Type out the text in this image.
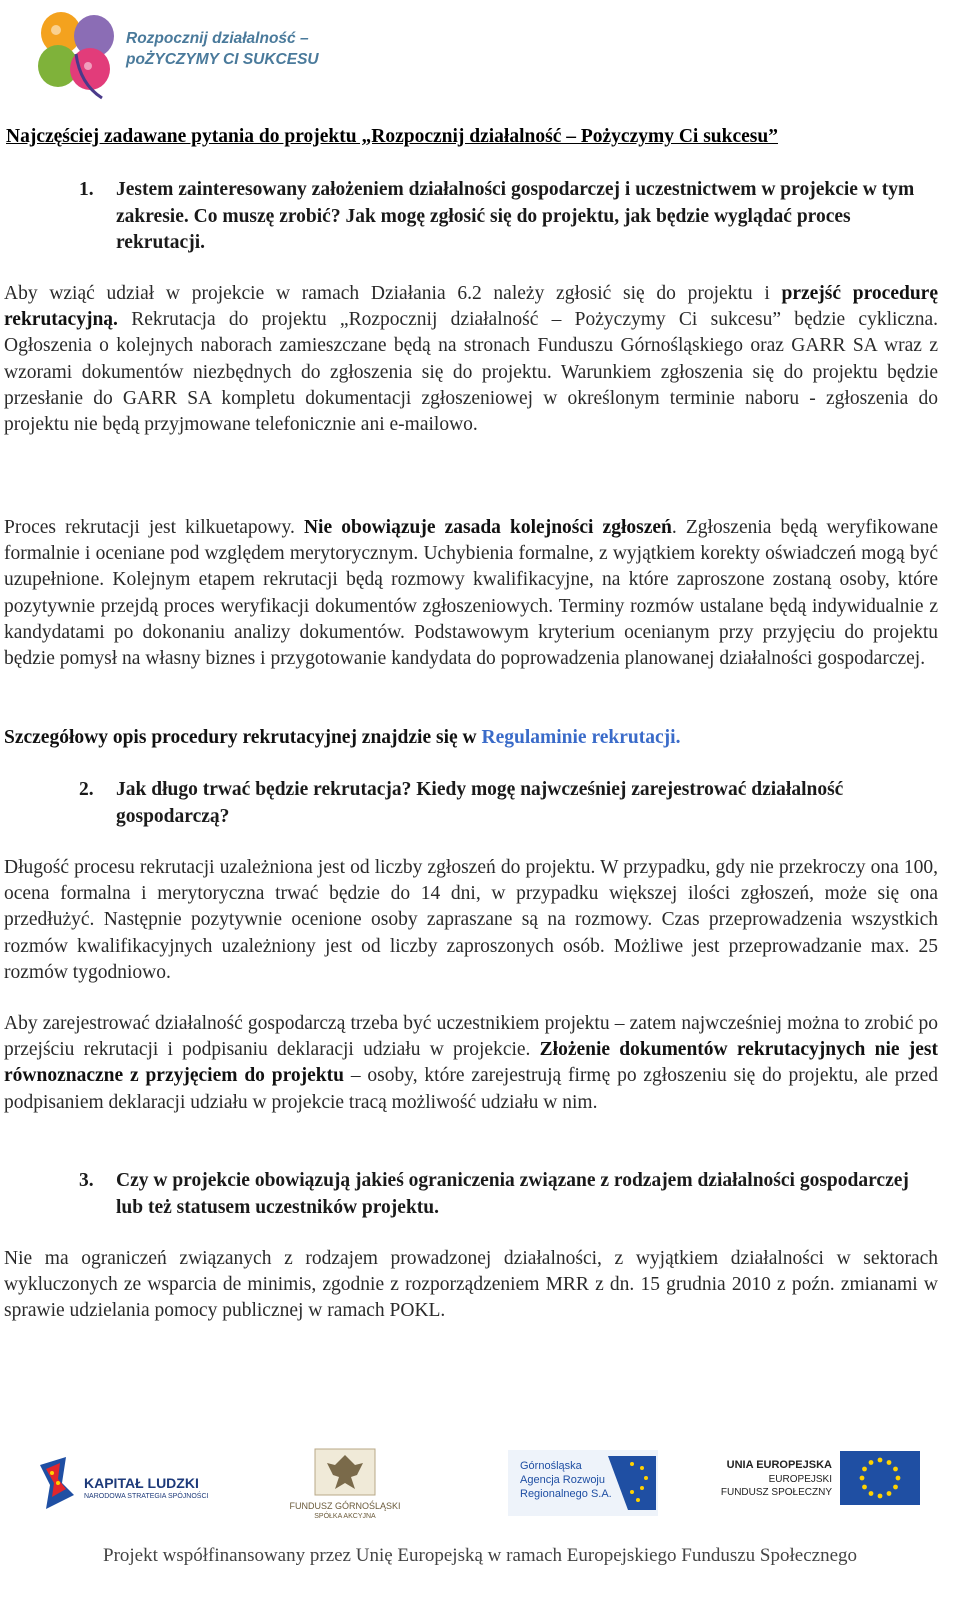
Rozpocznij działalność –
poŻYCZYMY CI SUKCESU
Najczęściej zadawane pytania do projektu „Rozpocznij działalność – Pożyczymy Ci sukcesu”
1. Jestem zainteresowany założeniem działalności gospodarczej i uczestnictwem w projekcie w tym zakresie. Co muszę zrobić? Jak mogę zgłosić się do projektu, jak będzie wyglądać proces rekrutacji.
Aby wziąć udział w projekcie w ramach Działania 6.2 należy zgłosić się do projektu i przejść procedurę rekrutacyjną. Rekrutacja do projektu „Rozpocznij działalność – Pożyczymy Ci sukcesu” będzie cykliczna. Ogłoszenia o kolejnych naborach zamieszczane będą na stronach Funduszu Górnośląskiego oraz GARR SA wraz z wzorami dokumentów niezbędnych do zgłoszenia się do projektu. Warunkiem zgłoszenia się do projektu będzie przesłanie do GARR SA kompletu dokumentacji zgłoszeniowej w określonym terminie naboru - zgłoszenia do projektu nie będą przyjmowane telefonicznie ani e-mailowo.
Proces rekrutacji jest kilkuetapowy. Nie obowiązuje zasada kolejności zgłoszeń. Zgłoszenia będą weryfikowane formalnie i oceniane pod względem merytorycznym. Uchybienia formalne, z wyjątkiem korekty oświadczeń mogą być uzupełnione. Kolejnym etapem rekrutacji będą rozmowy kwalifikacyjne, na które zaproszone zostaną osoby, które pozytywnie przejdą proces weryfikacji dokumentów zgłoszeniowych. Terminy rozmów ustalane będą indywidualnie z kandydatami po dokonaniu analizy dokumentów. Podstawowym kryterium ocenianym przy przyjęciu do projektu będzie pomysł na własny biznes i przygotowanie kandydata do poprowadzenia planowanej działalności gospodarczej.
Szczegółowy opis procedury rekrutacyjnej znajdzie się w Regulaminie rekrutacji.
2. Jak długo trwać będzie rekrutacja? Kiedy mogę najwcześniej zarejestrować działalność gospodarczą?
Długość procesu rekrutacji uzależniona jest od liczby zgłoszeń do projektu. W przypadku, gdy nie przekroczy ona 100, ocena formalna i merytoryczna trwać będzie do 14 dni, w przypadku większej ilości zgłoszeń, może się ona przedłużyć. Następnie pozytywnie ocenione osoby zapraszane są na rozmowy. Czas przeprowadzenia wszystkich rozmów kwalifikacyjnych uzależniony jest od liczby zaproszonych osób. Możliwe jest przeprowadzanie max. 25 rozmów tygodniowo.
Aby zarejestrować działalność gospodarczą trzeba być uczestnikiem projektu – zatem najwcześniej można to zrobić po przejściu rekrutacji i podpisaniu deklaracji udziału w projekcie. Złożenie dokumentów rekrutacyjnych nie jest równoznaczne z przyjęciem do projektu – osoby, które zarejestrują firmę po zgłoszeniu się do projektu, ale przed podpisaniem deklaracji udziału w projekcie tracą możliwość udziału w nim.
3. Czy w projekcie obowiązują jakieś ograniczenia związane z rodzajem działalności gospodarczej lub też statusem uczestników projektu.
Nie ma ograniczeń związanych z rodzajem prowadzonej działalności, z wyjątkiem działalności w sektorach wykluczonych ze wsparcia de minimis, zgodnie z rozporządzeniem MRR z dn. 15 grudnia 2010 z poźn. zmianami w sprawie udzielania pomocy publicznej w ramach POKL.
KAPITAŁ LUDZKI
NARODOWA STRATEGIA SPÓJNOŚCI
FUNDUSZ GÓRNOŚLĄSKI
SPÓŁKA AKCYJNA
Górnośląska
Agencja Rozwoju
Regionalnego S.A.
UNIA EUROPEJSKA
EUROPEJSKI
FUNDUSZ SPOŁECZNY
Projekt współfinansowany przez Unię Europejską w ramach Europejskiego Funduszu Społecznego
